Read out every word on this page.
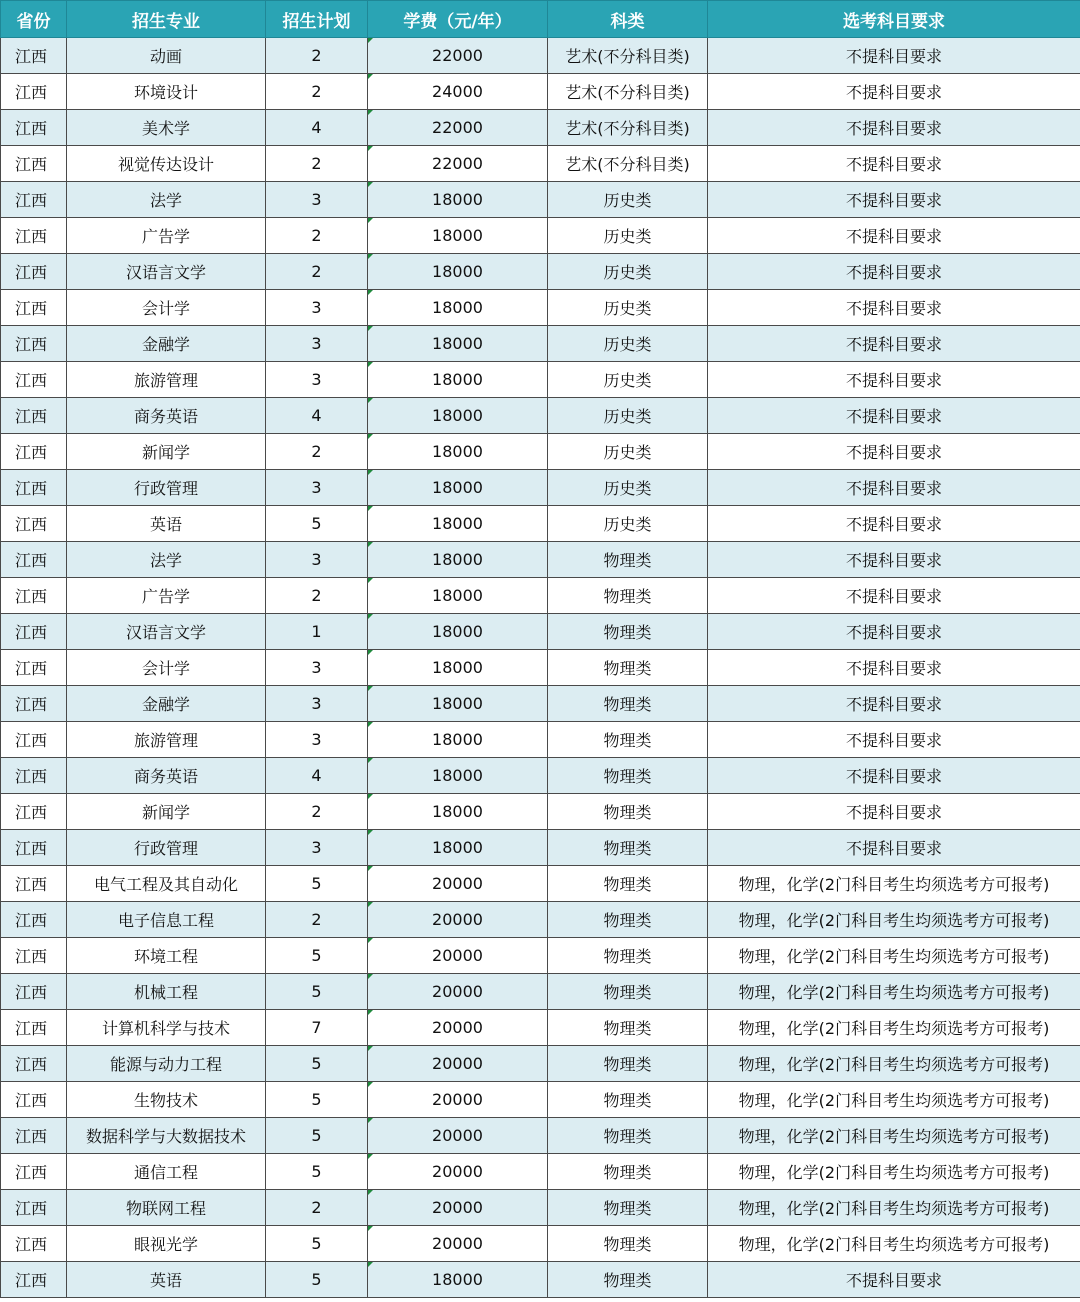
省份	招生专业	招生计划	学费（元/年）	科类	选考科目要求
江西	动画	2	22000	艺术(不分科目类)	不提科目要求
江西	环境设计	2	24000	艺术(不分科目类)	不提科目要求
江西	美术学	4	22000	艺术(不分科目类)	不提科目要求
江西	视觉传达设计	2	22000	艺术(不分科目类)	不提科目要求
江西	法学	3	18000	历史类	不提科目要求
江西	广告学	2	18000	历史类	不提科目要求
江西	汉语言文学	2	18000	历史类	不提科目要求
江西	会计学	3	18000	历史类	不提科目要求
江西	金融学	3	18000	历史类	不提科目要求
江西	旅游管理	3	18000	历史类	不提科目要求
江西	商务英语	4	18000	历史类	不提科目要求
江西	新闻学	2	18000	历史类	不提科目要求
江西	行政管理	3	18000	历史类	不提科目要求
江西	英语	5	18000	历史类	不提科目要求
江西	法学	3	18000	物理类	不提科目要求
江西	广告学	2	18000	物理类	不提科目要求
江西	汉语言文学	1	18000	物理类	不提科目要求
江西	会计学	3	18000	物理类	不提科目要求
江西	金融学	3	18000	物理类	不提科目要求
江西	旅游管理	3	18000	物理类	不提科目要求
江西	商务英语	4	18000	物理类	不提科目要求
江西	新闻学	2	18000	物理类	不提科目要求
江西	行政管理	3	18000	物理类	不提科目要求
江西	电气工程及其自动化	5	20000	物理类	物理，化学(2门科目考生均须选考方可报考)
江西	电子信息工程	2	20000	物理类	物理，化学(2门科目考生均须选考方可报考)
江西	环境工程	5	20000	物理类	物理，化学(2门科目考生均须选考方可报考)
江西	机械工程	5	20000	物理类	物理，化学(2门科目考生均须选考方可报考)
江西	计算机科学与技术	7	20000	物理类	物理，化学(2门科目考生均须选考方可报考)
江西	能源与动力工程	5	20000	物理类	物理，化学(2门科目考生均须选考方可报考)
江西	生物技术	5	20000	物理类	物理，化学(2门科目考生均须选考方可报考)
江西	数据科学与大数据技术	5	20000	物理类	物理，化学(2门科目考生均须选考方可报考)
江西	通信工程	5	20000	物理类	物理，化学(2门科目考生均须选考方可报考)
江西	物联网工程	2	20000	物理类	物理，化学(2门科目考生均须选考方可报考)
江西	眼视光学	5	20000	物理类	物理，化学(2门科目考生均须选考方可报考)
江西	英语	5	18000	物理类	不提科目要求
